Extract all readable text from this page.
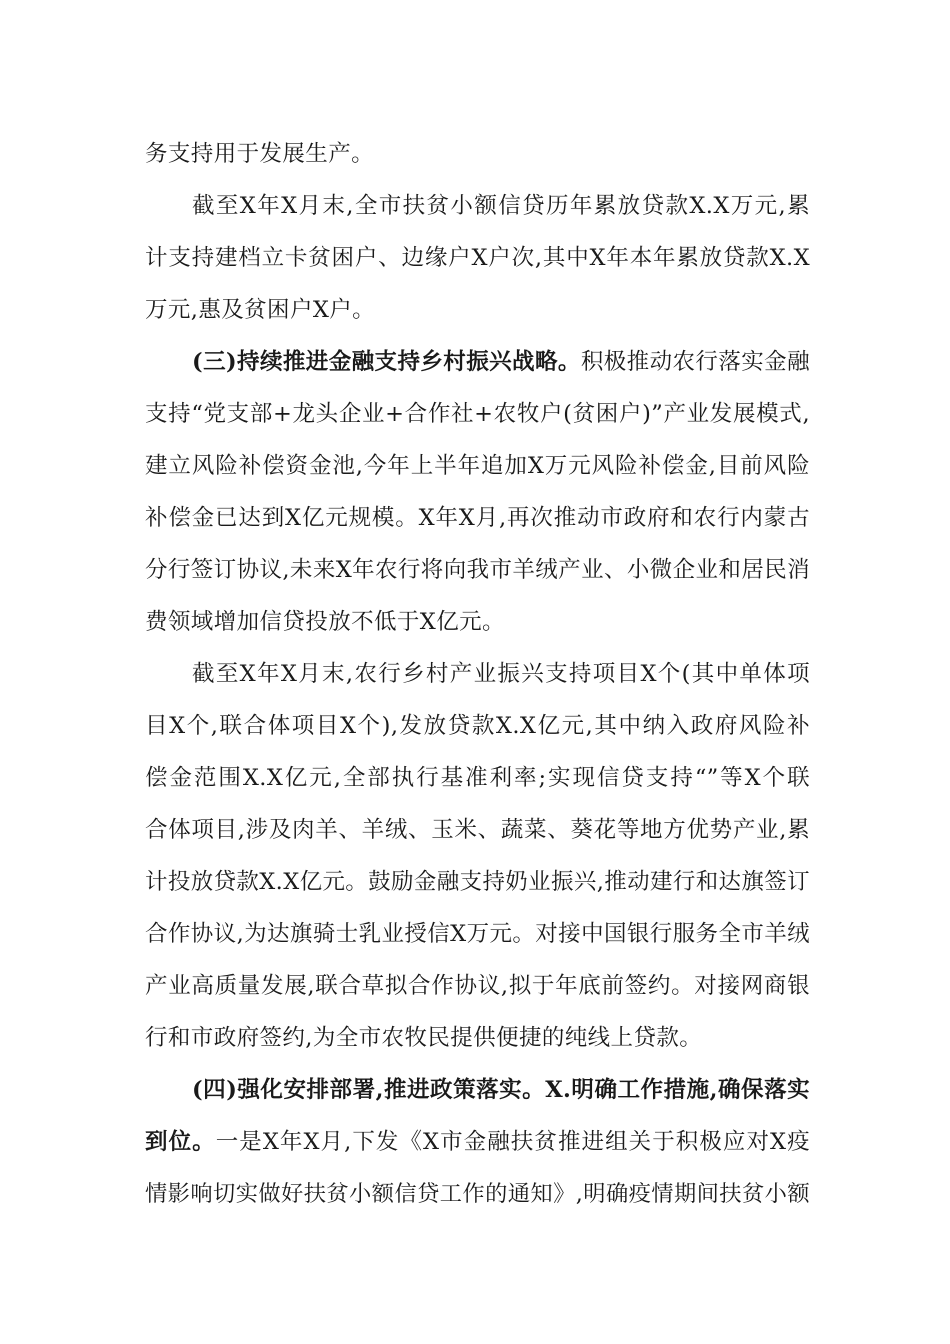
务支持用于发展生产。
截至X年X月末,全市扶贫小额信贷历年累放贷款X.X万元,累
计支持建档立卡贫困户、边缘户X户次,其中X年本年累放贷款X.X
万元,惠及贫困户X户。
(三)持续推进金融支持乡村振兴战略。积极推动农行落实金融
支持“党支部+龙头企业+合作社+农牧户(贫困户)”产业发展模式,
建立风险补偿资金池,今年上半年追加X万元风险补偿金,目前风险
补偿金已达到X亿元规模。X年X月,再次推动市政府和农行内蒙古
分行签订协议,未来X年农行将向我市羊绒产业、小微企业和居民消
费领域增加信贷投放不低于X亿元。
截至X年X月末,农行乡村产业振兴支持项目X个(其中单体项
目X个,联合体项目X个),发放贷款X.X亿元,其中纳入政府风险补
偿金范围X.X亿元,全部执行基准利率;实现信贷支持“”等X个联
合体项目,涉及肉羊、羊绒、玉米、蔬菜、葵花等地方优势产业,累
计投放贷款X.X亿元。鼓励金融支持奶业振兴,推动建行和达旗签订
合作协议,为达旗骑士乳业授信X万元。对接中国银行服务全市羊绒
产业高质量发展,联合草拟合作协议,拟于年底前签约。对接网商银
行和市政府签约,为全市农牧民提供便捷的纯线上贷款。
(四)强化安排部署,推进政策落实。X.明确工作措施,确保落实
到位。一是X年X月,下发《X市金融扶贫推进组关于积极应对X疫
情影响切实做好扶贫小额信贷工作的通知》,明确疫情期间扶贫小额
